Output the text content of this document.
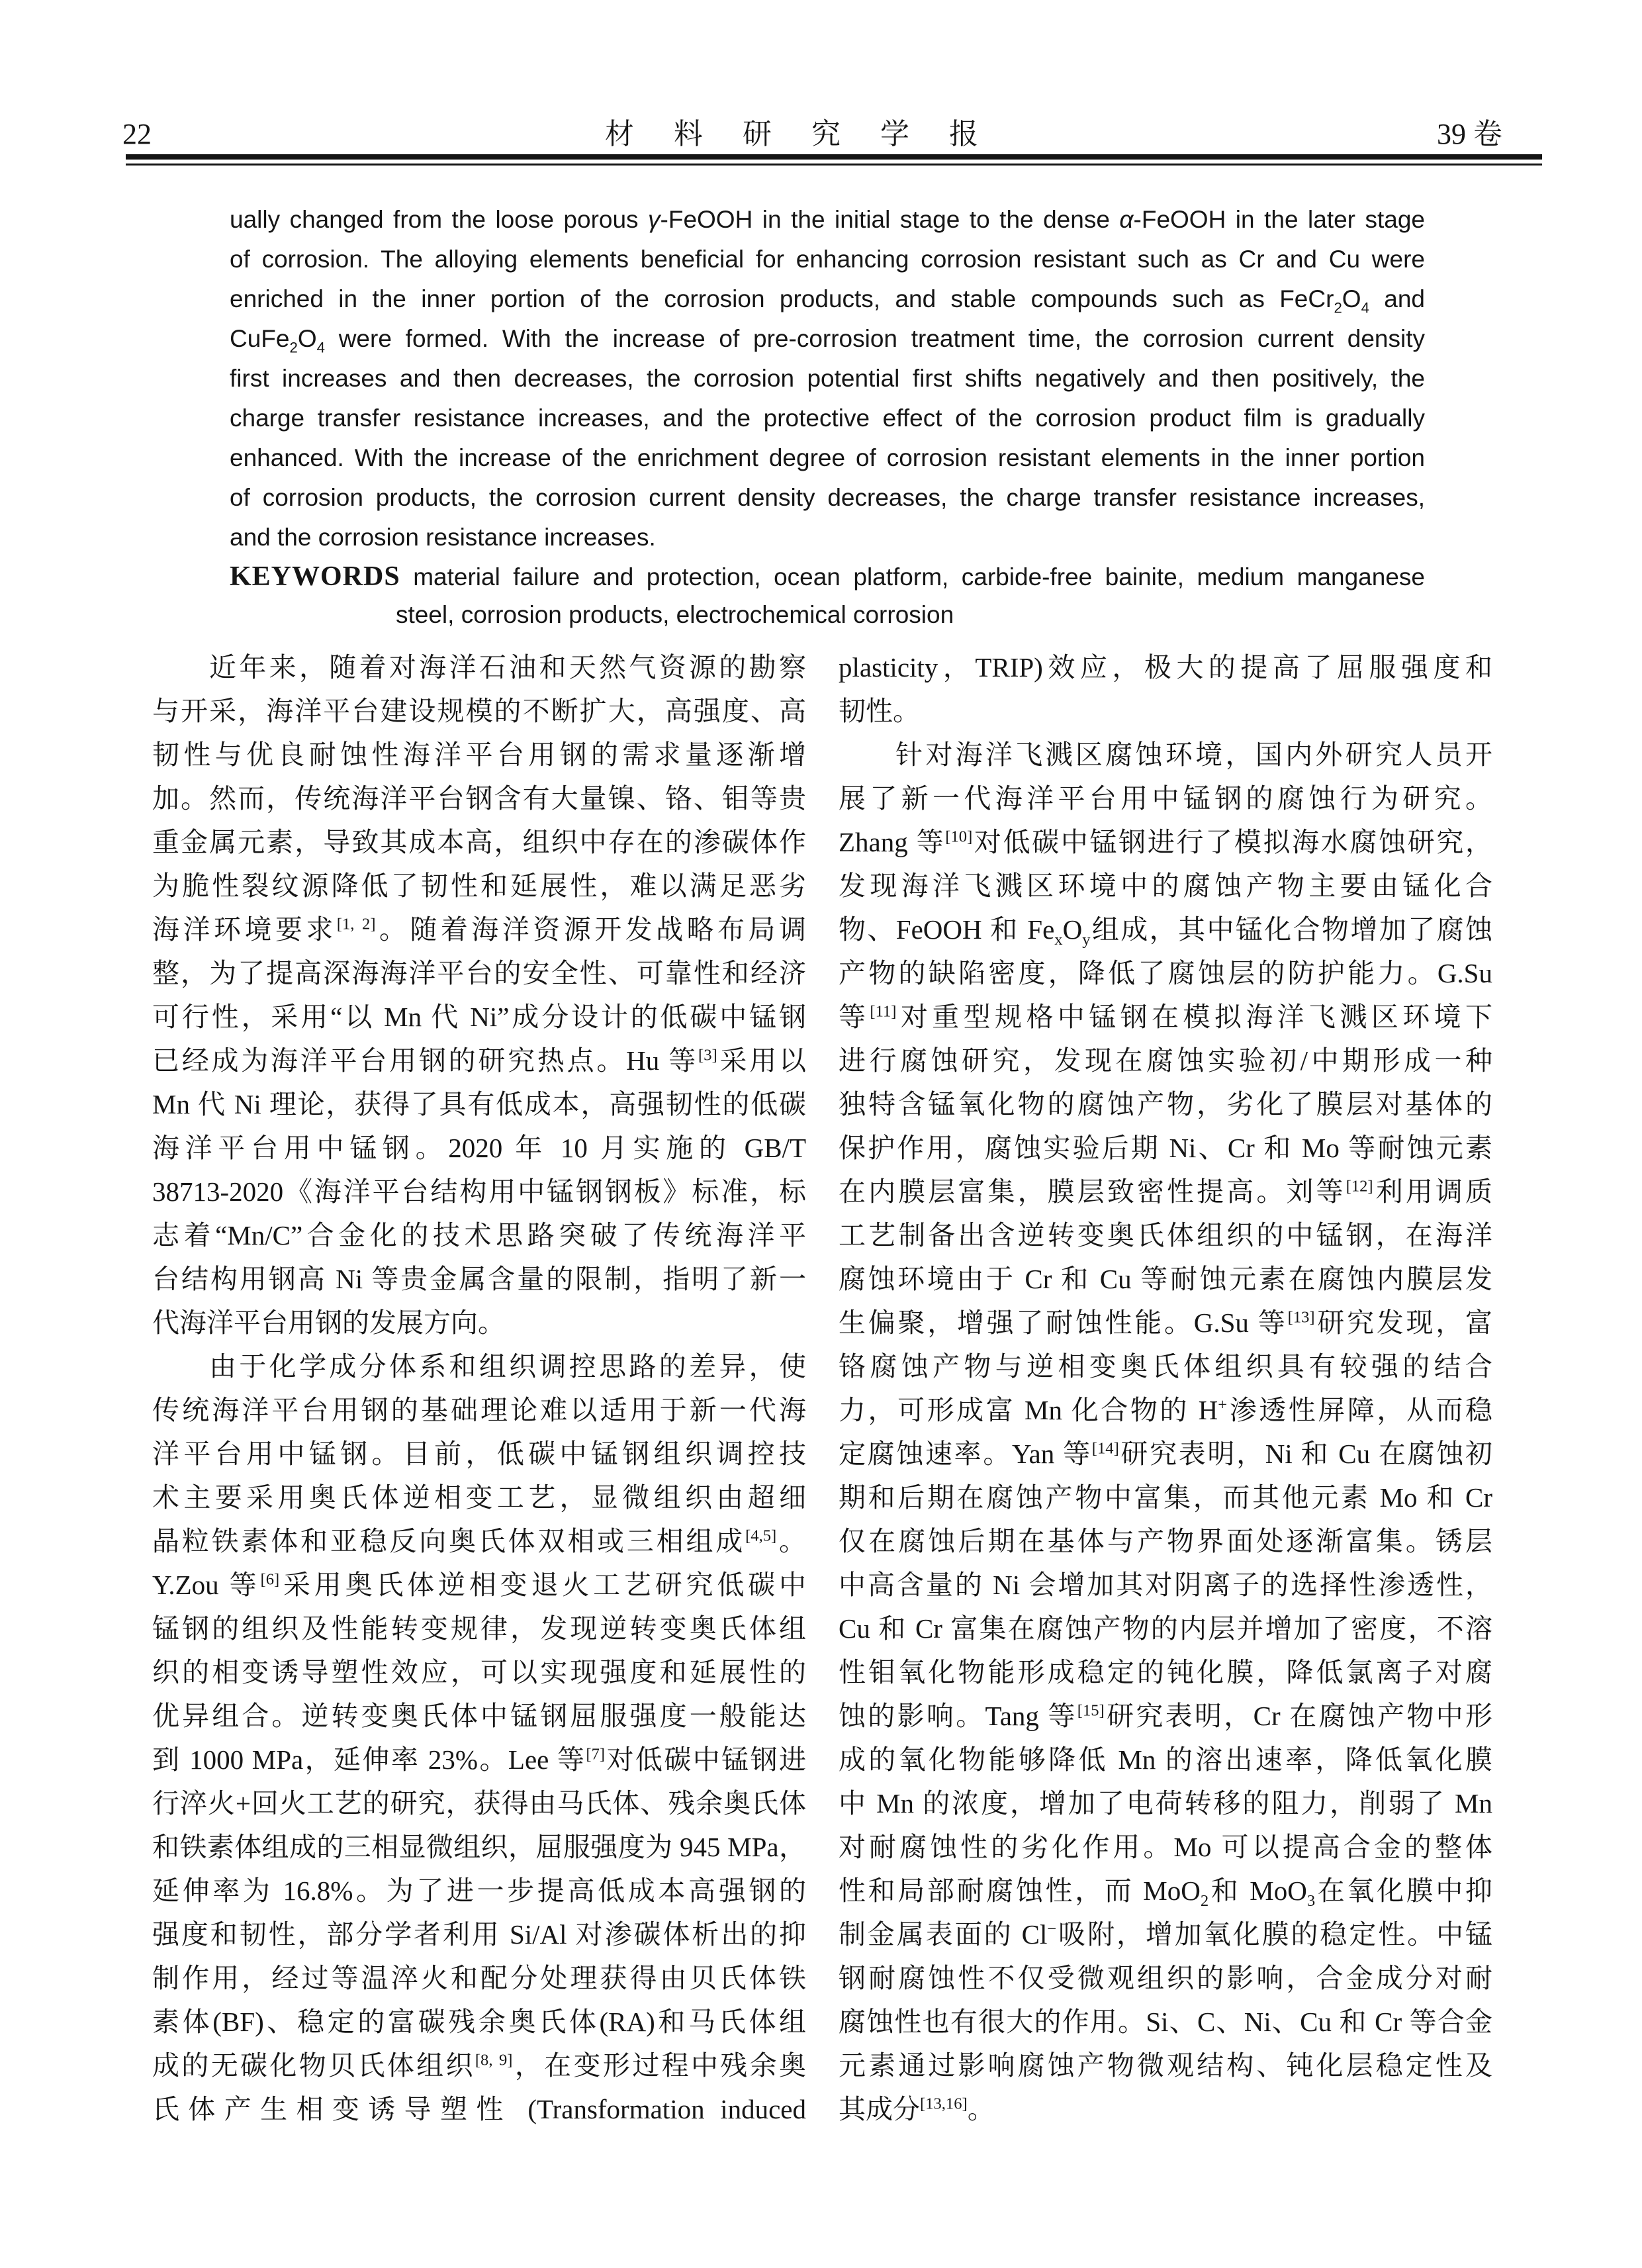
22	材　料　研　究　学　报	39 卷
ually changed from the loose porous γ-FeOOH in the initial stage to the dense α-FeOOH in the later stage
of corrosion. The alloying elements beneficial for enhancing corrosion resistant such as Cr and Cu were
enriched in the inner portion of the corrosion products, and stable compounds such as $FeCr_2O_4$ and
$CuFe_2O_4$ were formed. With the increase of pre-corrosion treatment time, the corrosion current density
first increases and then decreases, the corrosion potential first shifts negatively and then positively, the
charge transfer resistance increases, and the protective effect of the corrosion product film is gradually
enhanced. With the increase of the enrichment degree of corrosion resistant elements in the inner portion
of corrosion products, the corrosion current density decreases, the charge transfer resistance increases,
and the corrosion resistance increases.
KEYWORDS material failure and protection, ocean platform, carbide-free bainite, medium manganese
steel, corrosion products, electrochemical corrosion
近年来，随着对海洋石油和天然气资源的勘察
与开采，海洋平台建设规模的不断扩大，高强度、高
韧性与优良耐蚀性海洋平台用钢的需求量逐渐增
加。然而，传统海洋平台钢含有大量镍、铬、钼等贵
重金属元素，导致其成本高，组织中存在的渗碳体作
为脆性裂纹源降低了韧性和延展性，难以满足恶劣
海洋环境要求[1, 2]。随着海洋资源开发战略布局调
整，为了提高深海海洋平台的安全性、可靠性和经济
可行性，采用“以 Mn 代 Ni”成分设计的低碳中锰钢
已经成为海洋平台用钢的研究热点。Hu 等[3]采用以
Mn 代 Ni 理论，获得了具有低成本，高强韧性的低碳
海洋平台用中锰钢。2020 年 10 月实施的 GB/T
38713-2020《海洋平台结构用中锰钢钢板》标准，标
志着“Mn/C”合金化的技术思路突破了传统海洋平
台结构用钢高 Ni 等贵金属含量的限制，指明了新一
代海洋平台用钢的发展方向。
由于化学成分体系和组织调控思路的差异，使
传统海洋平台用钢的基础理论难以适用于新一代海
洋平台用中锰钢。目前，低碳中锰钢组织调控技
术主要采用奥氏体逆相变工艺，显微组织由超细
晶粒铁素体和亚稳反向奥氏体双相或三相组成[4,5]。
Y.Zou 等[6]采用奥氏体逆相变退火工艺研究低碳中
锰钢的组织及性能转变规律，发现逆转变奥氏体组
织的相变诱导塑性效应，可以实现强度和延展性的
优异组合。逆转变奥氏体中锰钢屈服强度一般能达
到 1000 MPa，延伸率 23%。Lee 等[7]对低碳中锰钢进
行淬火+回火工艺的研究，获得由马氏体、残余奥氏体
和铁素体组成的三相显微组织，屈服强度为 945 MPa，
延伸率为 16.8%。为了进一步提高低成本高强钢的
强度和韧性，部分学者利用 Si/Al 对渗碳体析出的抑
制作用，经过等温淬火和配分处理获得由贝氏体铁
素体(BF)、稳定的富碳残余奥氏体(RA)和马氏体组
成的无碳化物贝氏体组织[8, 9]，在变形过程中残余奥
氏体产生相变诱导塑性 (Transformation induced
plasticity，TRIP)效应，极大的提高了屈服强度和
韧性。
针对海洋飞溅区腐蚀环境，国内外研究人员开
展了新一代海洋平台用中锰钢的腐蚀行为研究。
Zhang 等[10]对低碳中锰钢进行了模拟海水腐蚀研究，
发现海洋飞溅区环境中的腐蚀产物主要由锰化合
物、FeOOH 和 $Fe_xO_y$组成，其中锰化合物增加了腐蚀
产物的缺陷密度，降低了腐蚀层的防护能力。G.Su
等[11]对重型规格中锰钢在模拟海洋飞溅区环境下
进行腐蚀研究，发现在腐蚀实验初/中期形成一种
独特含锰氧化物的腐蚀产物，劣化了膜层对基体的
保护作用，腐蚀实验后期 Ni、Cr 和 Mo 等耐蚀元素
在内膜层富集，膜层致密性提高。刘等[12]利用调质
工艺制备出含逆转变奥氏体组织的中锰钢，在海洋
腐蚀环境由于 Cr 和 Cu 等耐蚀元素在腐蚀内膜层发
生偏聚，增强了耐蚀性能。G.Su 等[13]研究发现，富
铬腐蚀产物与逆相变奥氏体组织具有较强的结合
力，可形成富 Mn 化合物的 H+渗透性屏障，从而稳
定腐蚀速率。Yan 等[14]研究表明，Ni 和 Cu 在腐蚀初
期和后期在腐蚀产物中富集，而其他元素 Mo 和 Cr
仅在腐蚀后期在基体与产物界面处逐渐富集。锈层
中高含量的 Ni 会增加其对阴离子的选择性渗透性，
Cu 和 Cr 富集在腐蚀产物的内层并增加了密度，不溶
性钼氧化物能形成稳定的钝化膜，降低氯离子对腐
蚀的影响。Tang 等[15]研究表明，Cr 在腐蚀产物中形
成的氧化物能够降低 Mn 的溶出速率，降低氧化膜
中 Mn 的浓度，增加了电荷转移的阻力，削弱了 Mn
对耐腐蚀性的劣化作用。Mo 可以提高合金的整体
性和局部耐腐蚀性，而 MoO$_2$和 MoO$_3$在氧化膜中抑
制金属表面的 Cl−吸附，增加氧化膜的稳定性。中锰
钢耐腐蚀性不仅受微观组织的影响，合金成分对耐
腐蚀性也有很大的作用。Si、C、Ni、Cu 和 Cr 等合金
元素通过影响腐蚀产物微观结构、钝化层稳定性及
其成分[13,16]。
